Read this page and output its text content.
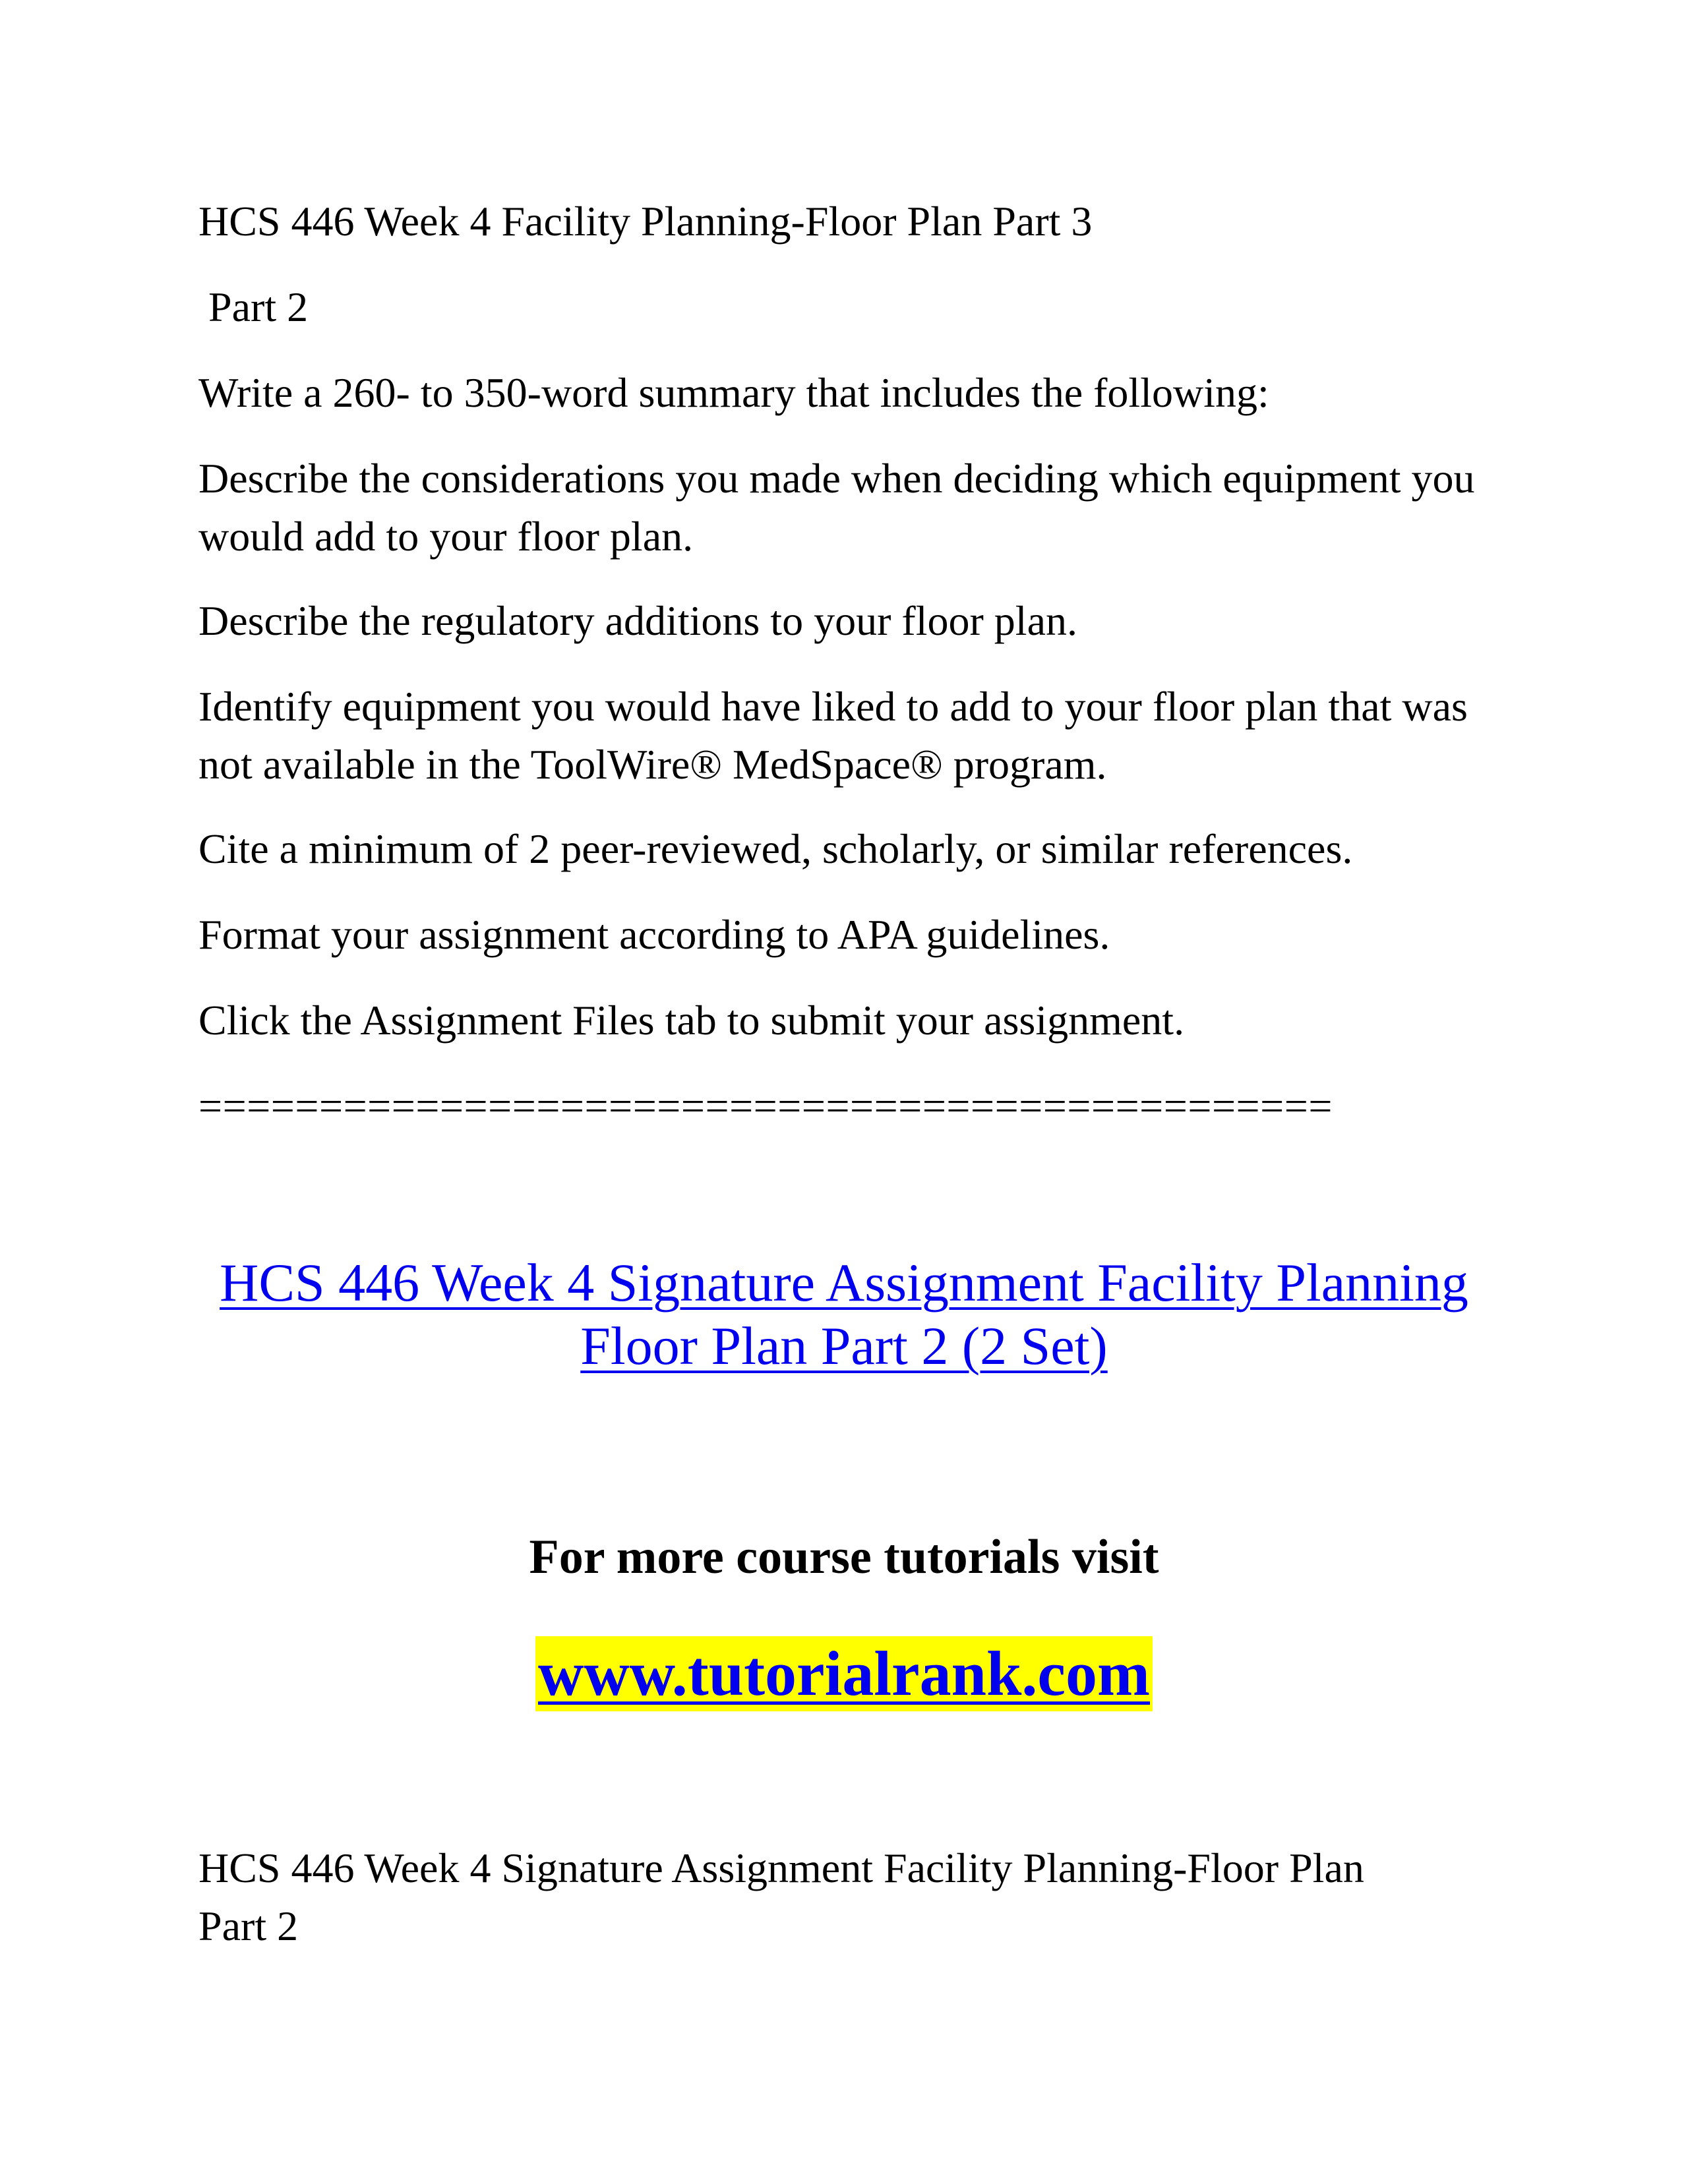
HCS 446 Week 4 Facility Planning-Floor Plan Part 3

Part 2

Write a 260- to 350-word summary that includes the following:

Describe the considerations you made when deciding which equipment you would add to your floor plan.

Describe the regulatory additions to your floor plan.

Identify equipment you would have liked to add to your floor plan that was not available in the ToolWire® MedSpace® program.

Cite a minimum of 2 peer-reviewed, scholarly, or similar references.

Format your assignment according to APA guidelines.

Click the Assignment Files tab to submit your assignment.

===============================================

HCS 446 Week 4 Signature Assignment Facility Planning
Floor Plan Part 2 (2 Set)
For more course tutorials visit
www.tutorialrank.com

HCS 446 Week 4 Signature Assignment Facility Planning-Floor Plan

Part 2
